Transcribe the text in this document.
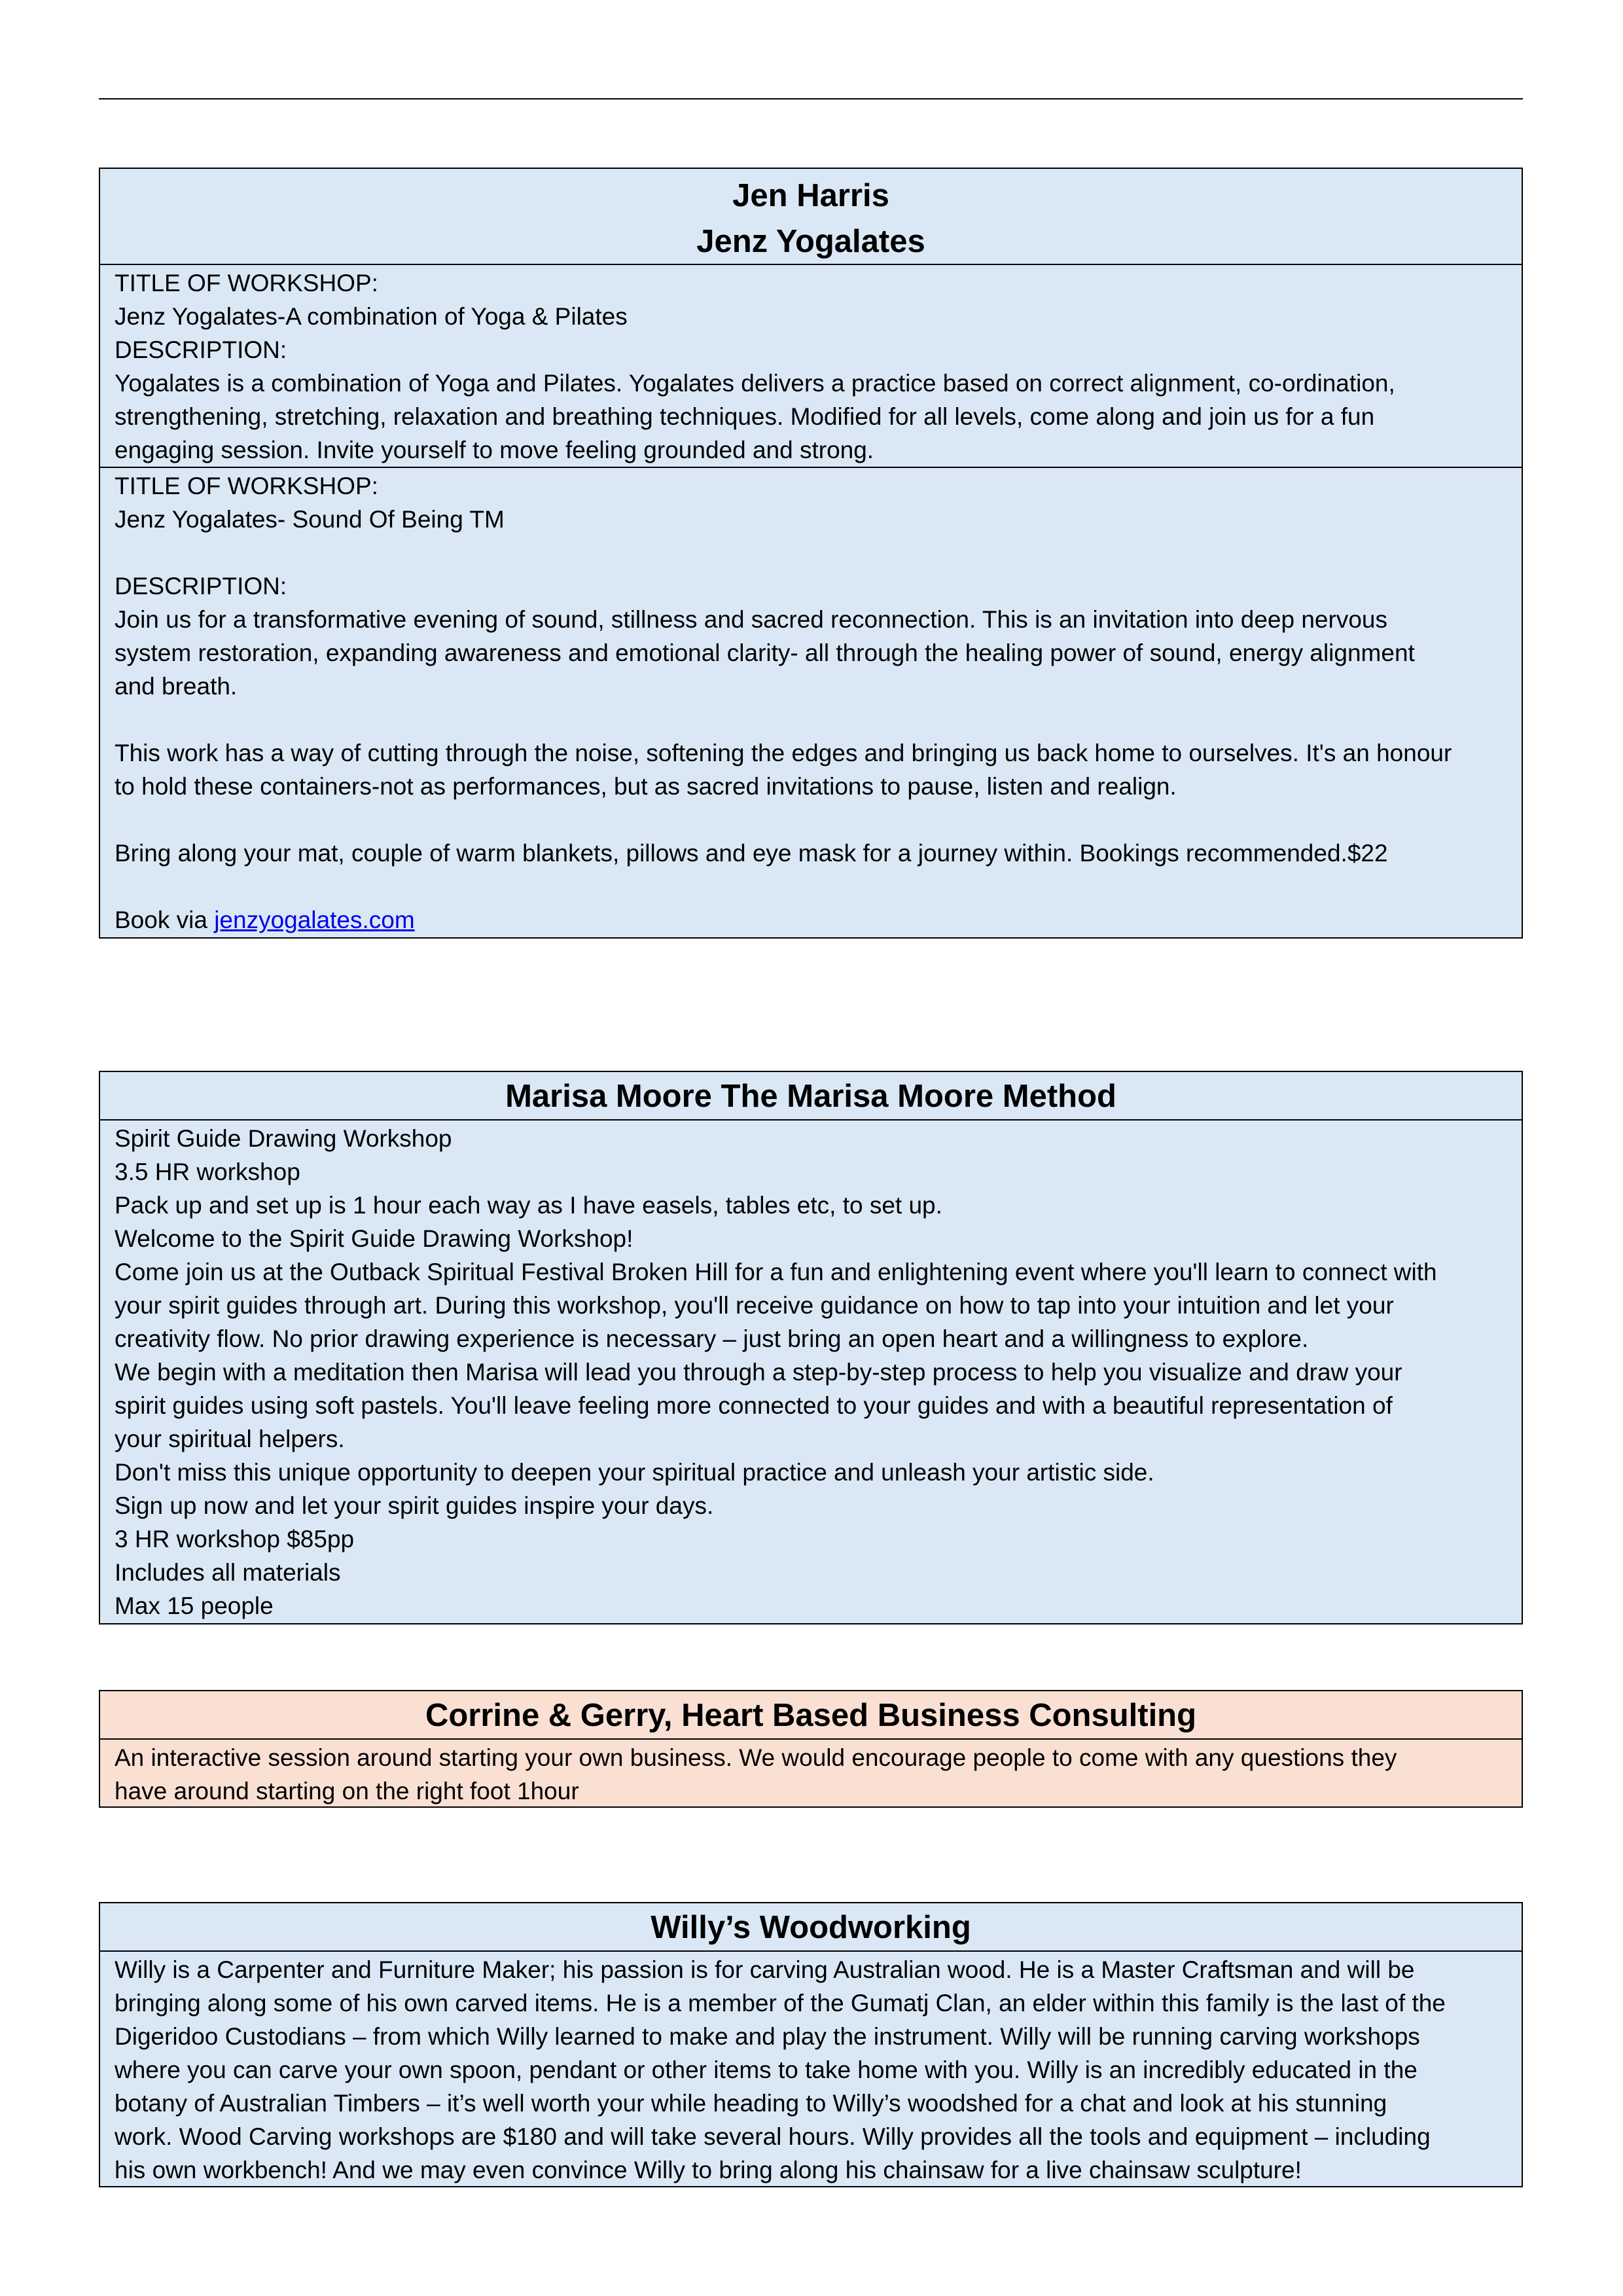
Jen Harris
Jenz Yogalates

TITLE OF WORKSHOP:

Jenz Yogalates-A combination of Yoga & Pilates

DESCRIPTION:

Yogalates is a combination of Yoga and Pilates. Yogalates delivers a practice based on correct alignment, co-ordination,

strengthening, stretching, relaxation and breathing techniques. Modified for all levels, come along and join us for a fun

engaging session. Invite yourself to move feeling grounded and strong.

TITLE OF WORKSHOP:

Jenz Yogalates- Sound Of Being TM

DESCRIPTION:

Join us for a transformative evening of sound, stillness and sacred reconnection. This is an invitation into deep nervous

system restoration, expanding awareness and emotional clarity- all through the healing power of sound, energy alignment

and breath.

This work has a way of cutting through the noise, softening the edges and bringing us back home to ourselves. It's an honour

to hold these containers-not as performances, but as sacred invitations to pause, listen and realign.

Bring along your mat, couple of warm blankets, pillows and eye mask for a journey within. Bookings recommended.$22

Book via jenzyogalates.com

Marisa Moore The Marisa Moore Method

Spirit Guide Drawing Workshop

3.5 HR workshop

Pack up and set up is 1 hour each way as I have easels, tables etc, to set up.

Welcome to the Spirit Guide Drawing Workshop!

Come join us at the Outback Spiritual Festival Broken Hill for a fun and enlightening event where you'll learn to connect with

your spirit guides through art. During this workshop, you'll receive guidance on how to tap into your intuition and let your

creativity flow. No prior drawing experience is necessary – just bring an open heart and a willingness to explore.

We begin with a meditation then Marisa will lead you through a step-by-step process to help you visualize and draw your

spirit guides using soft pastels. You'll leave feeling more connected to your guides and with a beautiful representation of

your spiritual helpers.

Don't miss this unique opportunity to deepen your spiritual practice and unleash your artistic side.

Sign up now and let your spirit guides inspire your days.

3 HR workshop $85pp

Includes all materials

Max 15 people

Corrine & Gerry, Heart Based Business Consulting

An interactive session around starting your own business. We would encourage people to come with any questions they

have around starting on the right foot 1hour

Willy’s Woodworking

Willy is a Carpenter and Furniture Maker; his passion is for carving Australian wood. He is a Master Craftsman and will be

bringing along some of his own carved items. He is a member of the Gumatj Clan, an elder within this family is the last of the

Digeridoo Custodians – from which Willy learned to make and play the instrument. Willy will be running carving workshops

where you can carve your own spoon, pendant or other items to take home with you. Willy is an incredibly educated in the

botany of Australian Timbers – it’s well worth your while heading to Willy’s woodshed for a chat and look at his stunning

work. Wood Carving workshops are $180 and will take several hours. Willy provides all the tools and equipment – including

his own workbench! And we may even convince Willy to bring along his chainsaw for a live chainsaw sculpture!
